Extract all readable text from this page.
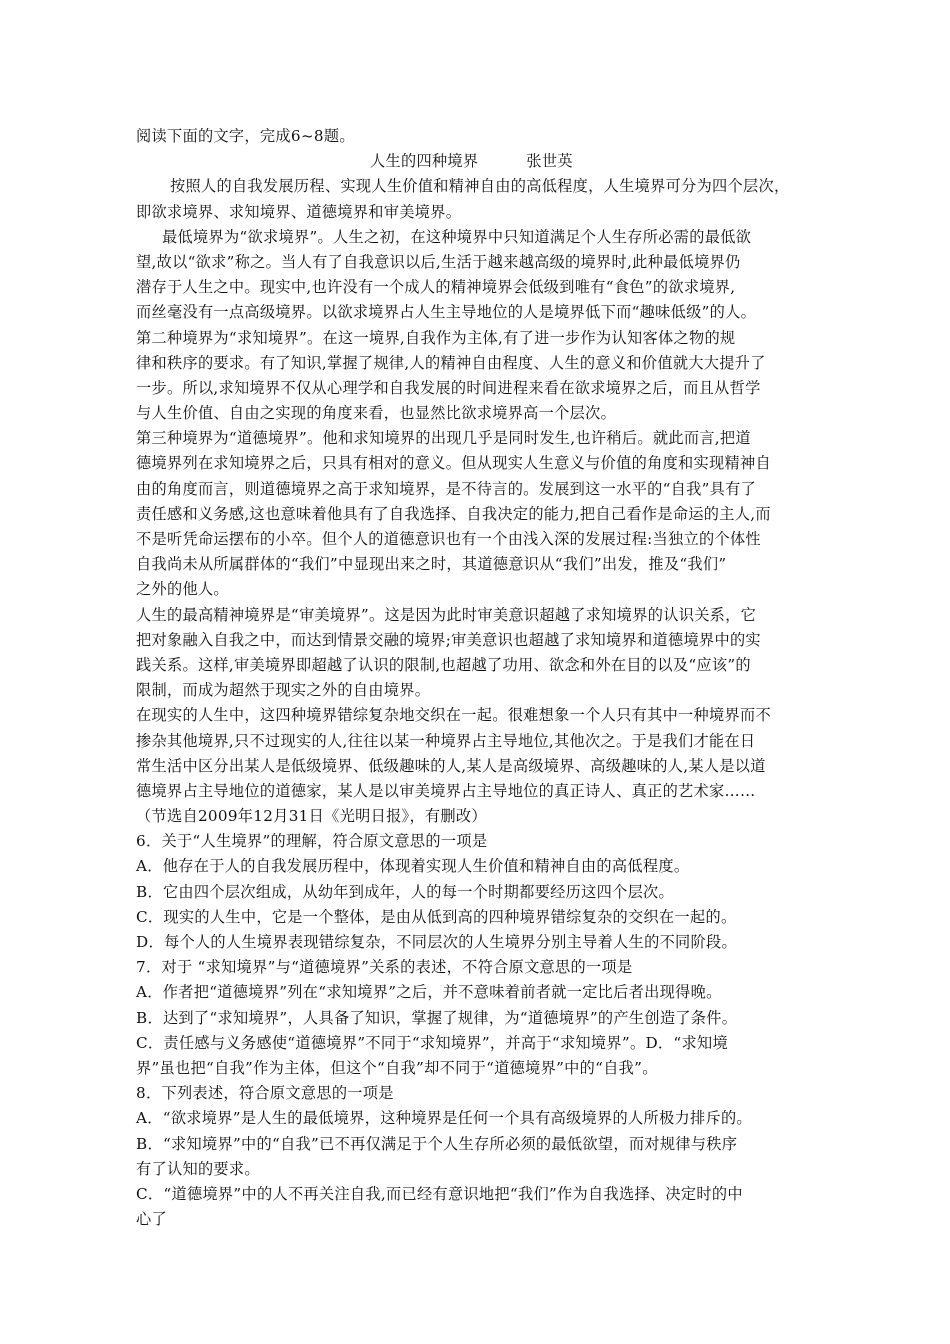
阅读下面的文字，完成6~8题。
人生的四种境界	张世英
按照人的自我发展历程、实现人生价值和精神自由的高低程度，人生境界可分为四个层次，
即欲求境界、求知境界、道德境界和审美境界。
最低境界为“欲求境界”。人生之初，在这种境界中只知道满足个人生存所必需的最低欲
望,故以“欲求”称之。当人有了自我意识以后,生活于越来越高级的境界时,此种最低境界仍
潜存于人生之中。现实中,也许没有一个成人的精神境界会低级到唯有“食色”的欲求境界,
而丝毫没有一点高级境界。以欲求境界占人生主导地位的人是境界低下而“趣味低级”的人。
第二种境界为“求知境界”。在这一境界,自我作为主体,有了进一步作为认知客体之物的规
律和秩序的要求。有了知识,掌握了规律,人的精神自由程度、人生的意义和价值就大大提升了
一步。所以,求知境界不仅从心理学和自我发展的时间进程来看在欲求境界之后，而且从哲学
与人生价值、自由之实现的角度来看，也显然比欲求境界高一个层次。
第三种境界为“道德境界”。他和求知境界的出现几乎是同时发生,也许稍后。就此而言,把道
德境界列在求知境界之后，只具有相对的意义。但从现实人生意义与价值的角度和实现精神自
由的角度而言，则道德境界之高于求知境界，是不待言的。发展到这一水平的“自我”具有了
责任感和义务感,这也意味着他具有了自我选择、自我决定的能力,把自己看作是命运的主人,而
不是听凭命运摆布的小卒。但个人的道德意识也有一个由浅入深的发展过程:当独立的个体性
自我尚未从所属群体的“我们”中显现出来之时，其道德意识从“我们”出发，推及“我们”
之外的他人。
人生的最高精神境界是“审美境界”。这是因为此时审美意识超越了求知境界的认识关系，它
把对象融入自我之中，而达到情景交融的境界;审美意识也超越了求知境界和道德境界中的实
践关系。这样,审美境界即超越了认识的限制,也超越了功用、欲念和外在目的以及“应该”的
限制，而成为超然于现实之外的自由境界。
在现实的人生中，这四种境界错综复杂地交织在一起。很难想象一个人只有其中一种境界而不
掺杂其他境界,只不过现实的人,往往以某一种境界占主导地位,其他次之。于是我们才能在日
常生活中区分出某人是低级境界、低级趣味的人,某人是高级境界、高级趣味的人,某人是以道
德境界占主导地位的道德家，某人是以审美境界占主导地位的真正诗人、真正的艺术家……
（节选自2009年12月31日《光明日报》，有删改）
6．关于“人生境界”的理解，符合原文意思的一项是
A．他存在于人的自我发展历程中，体现着实现人生价值和精神自由的高低程度。
B．它由四个层次组成，从幼年到成年，人的每一个时期都要经历这四个层次。
C．现实的人生中，它是一个整体，是由从低到高的四种境界错综复杂的交织在一起的。
D．每个人的人生境界表现错综复杂，不同层次的人生境界分别主导着人生的不同阶段。
7．对于 “求知境界”与“道德境界”关系的表述，不符合原文意思的一项是
A．作者把“道德境界”列在“求知境界”之后，并不意味着前者就一定比后者出现得晚。
B．达到了“求知境界”，人具备了知识，掌握了规律，为“道德境界”的产生创造了条件。
C．责任感与义务感使“道德境界”不同于“求知境界”，并高于“求知境界”。D．“求知境
界”虽也把“自我”作为主体，但这个“自我”却不同于“道德境界”中的“自我”。
8．下列表述，符合原文意思的一项是
A．“欲求境界”是人生的最低境界，这种境界是任何一个具有高级境界的人所极力排斥的。
B．“求知境界”中的“自我”已不再仅满足于个人生存所必须的最低欲望，而对规律与秩序
有了认知的要求。
C．“道德境界”中的人不再关注自我,而已经有意识地把“我们”作为自我选择、决定时的中
心了
